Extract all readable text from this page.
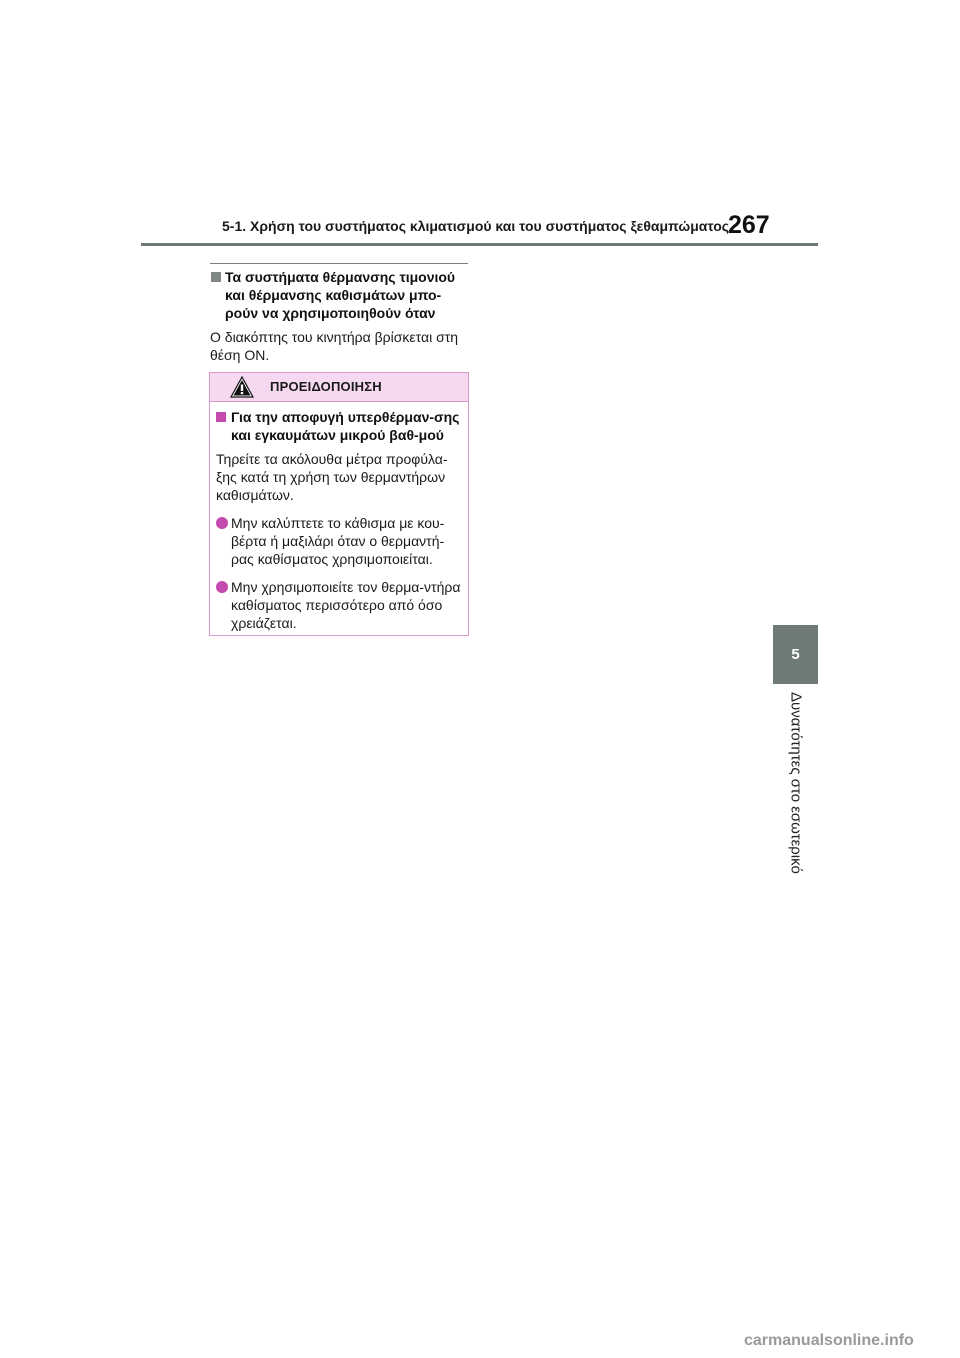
5-1. Χρήση του συστήματος κλιματισμού και του συστήματος ξεθαμπώματος
267
5
Δυνατότητες στο εσωτερικό
Τα συστήματα θέρμανσης τιμονιού και θέρμανσης καθισμάτων μπο-ρούν να χρησιμοποιηθούν όταν
Ο διακόπτης του κινητήρα βρίσκεται στη θέση ON.
ΠΡΟΕΙΔΟΠΟΙΗΣΗ
Για την αποφυγή υπερθέρμαν-σης και εγκαυμάτων μικρού βαθ-μού
Τηρείτε τα ακόλουθα μέτρα προφύλα-ξης κατά τη χρήση των θερμαντήρων καθισμάτων.
Μην καλύπτετε το κάθισμα με κου-βέρτα ή μαξιλάρι όταν ο θερμαντή-ρας καθίσματος χρησιμοποιείται.
Μην χρησιμοποιείτε τον θερμα-ντήρα καθίσματος περισσότερο από όσο χρειάζεται.
carmanualsonline.info
